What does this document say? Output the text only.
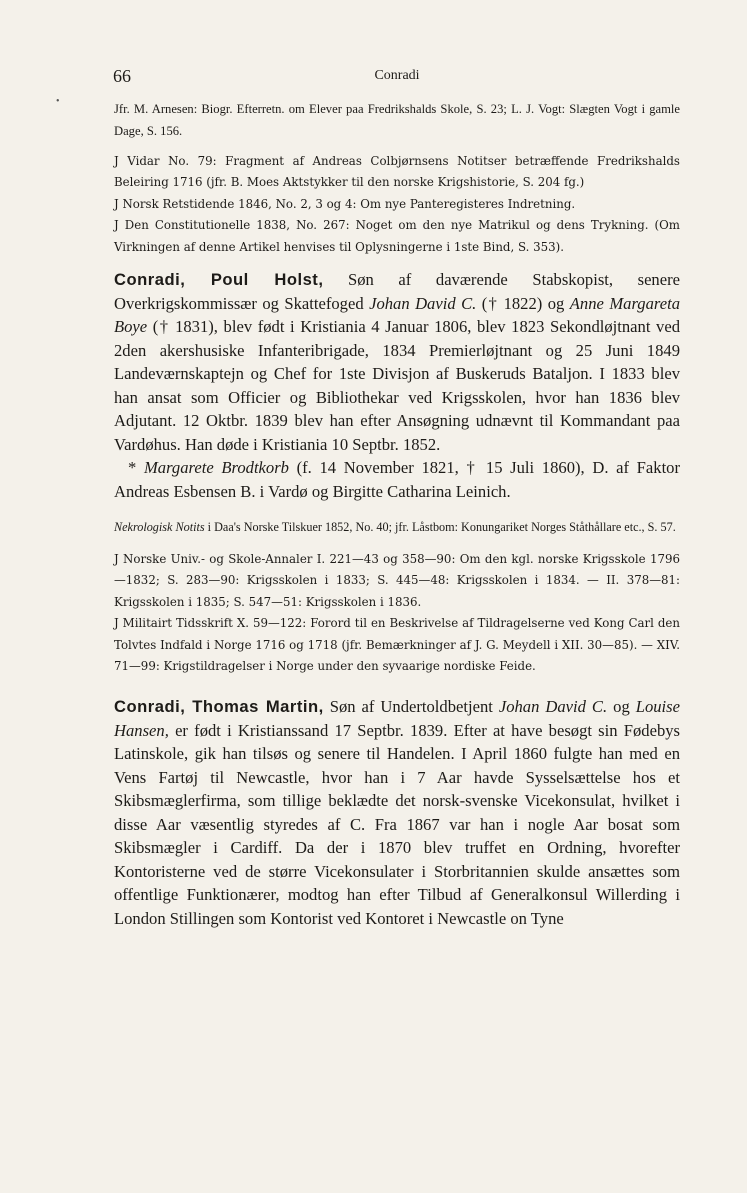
66	Conradi
•

Jfr. M. Arnesen: Biogr. Efterretn. om Elever paa Fredrikshalds Skole, S. 23; L. J. Vogt: Slægten Vogt i gamle Dage, S. 156.

J Vidar No. 79: Fragment af Andreas Colbjørnsens Notitser betræffende Fredrikshalds Beleiring 1716 (jfr. B. Moes Aktstykker til den norske Krigshistorie, S. 204 fg.)

J Norsk Retstidende 1846, No. 2, 3 og 4: Om nye Panteregisteres Indretning.

J Den Constitutionelle 1838, No. 267: Noget om den nye Matrikul og dens Trykning. (Om Virkningen af denne Artikel henvises til Oplysningerne i 1ste Bind, S. 353).

Conradi, Poul Holst, Søn af daværende Stabskopist, senere Overkrigskommissær og Skattefoged Johan David C. († 1822) og Anne Margareta Boye († 1831), blev født i Kristiania 4 Januar 1806, blev 1823 Sekondløjtnant ved 2den akershusiske Infanteribrigade, 1834 Premierløjtnant og 25 Juni 1849 Landeværnskaptejn og Chef for 1ste Divisjon af Buskeruds Bataljon. I 1833 blev han ansat som Officier og Bibliothekar ved Krigsskolen, hvor han 1836 blev Adjutant. 12 Oktbr. 1839 blev han efter Ansøgning udnævnt til Kommandant paa Vardøhus. Han døde i Kristiania 10 Septbr. 1852.

* Margarete Brodtkorb (f. 14 November 1821, † 15 Juli 1860), D. af Faktor Andreas Esbensen B. i Vardø og Birgitte Catharina Leinich.

Nekrologisk Notits i Daa's Norske Tilskuer 1852, No. 40; jfr. Låstbom: Konungariket Norges Ståthållare etc., S. 57.

J Norske Univ.- og Skole-Annaler I. 221—43 og 358—90: Om den kgl. norske Krigsskole 1796—1832; S. 283—90: Krigsskolen i 1833; S. 445—48: Krigsskolen i 1834. — II. 378—81: Krigsskolen i 1835; S. 547—51: Krigsskolen i 1836.

J Militairt Tidsskrift X. 59—122: Forord til en Beskrivelse af Tildragelserne ved Kong Carl den Tolvtes Indfald i Norge 1716 og 1718 (jfr. Bemærkninger af J. G. Meydell i XII. 30—85). — XIV. 71—99: Krigstildragelser i Norge under den syvaarige nordiske Feide.

Conradi, Thomas Martin, Søn af Undertoldbetjent Johan David C. og Louise Hansen, er født i Kristianssand 17 Septbr. 1839. Efter at have besøgt sin Fødebys Latinskole, gik han tilsøs og senere til Handelen. I April 1860 fulgte han med en Vens Fartøj til Newcastle, hvor han i 7 Aar havde Sysselsættelse hos et Skibsmæglerfirma, som tillige beklædte det norsk-svenske Vicekonsulat, hvilket i disse Aar væsentlig styredes af C. Fra 1867 var han i nogle Aar bosat som Skibsmægler i Cardiff. Da der i 1870 blev truffet en Ordning, hvorefter Kontoristerne ved de større Vicekonsulater i Storbritannien skulde ansættes som offentlige Funktionærer, modtog han efter Tilbud af Generalkonsul Willerding i London Stillingen som Kontorist ved Kontoret i Newcastle on Tyne
